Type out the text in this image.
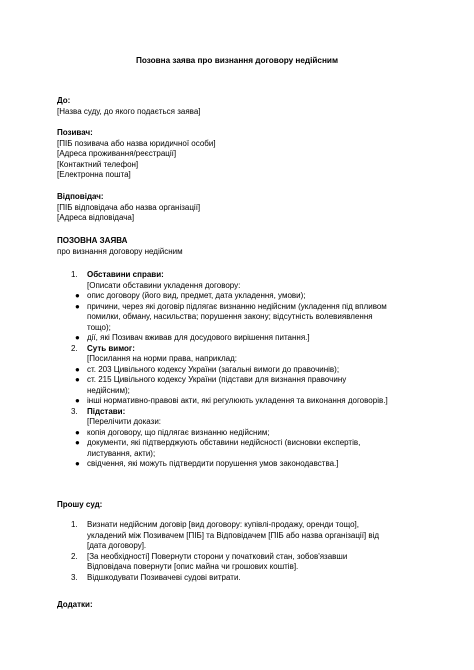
Позовна заява про визнання договору недійсним
До:
[Назва суду, до якого подається заява]
Позивач:
[ПІБ позивача або назва юридичної особи]
[Адреса проживання/реєстрації]
[Контактний телефон]
[Електронна пошта]
Відповідач:
[ПІБ відповідача або назва організації]
[Адреса відповідача]
ПОЗОВНА ЗАЯВА
про визнання договору недійсним
1. Обставини справи:
[Описати обставини укладення договору:
● опис договору (його вид, предмет, дата укладення, умови);
● причини, через які договір підлягає визнанню недійсним (укладення під впливом
помилки, обману, насильства; порушення закону; відсутність волевиявлення
тощо);
● дії, які Позивач вживав для досудового вирішення питання.]
2. Суть вимог:
[Посилання на норми права, наприклад:
● ст. 203 Цивільного кодексу України (загальні вимоги до правочинів);
● ст. 215 Цивільного кодексу України (підстави для визнання правочину
недійсним);
● інші нормативно-правові акти, які регулюють укладення та виконання договорів.]
3. Підстави:
[Перелічити докази:
● копія договору, що підлягає визнанню недійсним;
● документи, які підтверджують обставини недійсності (висновки експертів,
листування, акти);
● свідчення, які можуть підтвердити порушення умов законодавства.]
Прошу суд:
1. Визнати недійсним договір [вид договору: купівлі-продажу, оренди тощо],
укладений між Позивачем [ПІБ] та Відповідачем [ПІБ або назва організації] від
[дата договору].
2. [За необхідності] Повернути сторони у початковий стан, зобов'язавши
Відповідача повернути [опис майна чи грошових коштів].
3. Відшкодувати Позивачеві судові витрати.
Додатки:
